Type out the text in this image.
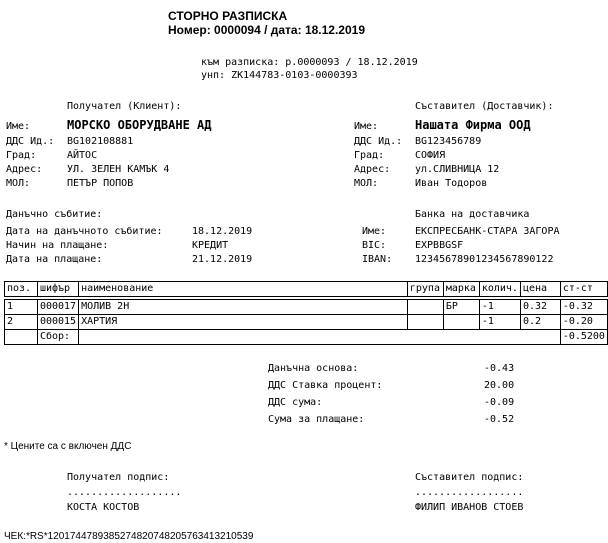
СТОРНО РАЗПИСКА
Номер: 0000094 / дата: 18.12.2019
към разписка: р.0000093 / 18.12.2019
унп: ZK144783-0103-0000393
Получател (Клиент):
Име:	МОРСКО ОБОРУДВАНЕ АД
ДДС Ид.: BG102108881
Град:	АЙТОС
Адрес: УЛ. ЗЕЛЕН КАМЪК 4
МОЛ:	ПЕТЪР ПОПОВ
Съставител (Доставчик):
Име:	Нашата Фирма ООД
ДДС Ид.: BG123456789
Град:	СОФИЯ
Адрес: ул.СЛИВНИЦА 12
МОЛ:	Иван Тодоров
Данъчно събитие:
Дата на данъчното събитие:	18.12.2019
Начин на плащане:	КРЕДИТ
Дата на плащане:	21.12.2019
Банка на доставчика
Име:	ЕКСПРЕСБАНК-СТАРА ЗАГОРА
BIC:	EXPBBGSF
IBAN: 12345678901234567890122
поз.	шифър	наименование	група	марка	колич.	цена	ст-ст

1	000017	МОЛИВ 2Н		БР	-1	0.32	-0.32
2	000015	ХАРТИЯ			-1	0.2	-0.20
	Сбор:						-0.5200
Данъчна основа:	-0.43
ДДС Ставка процент:	20.00
ДДС сума:	-0.09
Сума за плащане:	-0.52
* Цените са с включен ДДС
Получател подпис:
...................
КОСТА КОСТОВ
Съставител подпис:
..................
ФИЛИП ИВАНОВ СТОЕВ
ЧЕК:*RS*12017447893852748207482057634132105​39
